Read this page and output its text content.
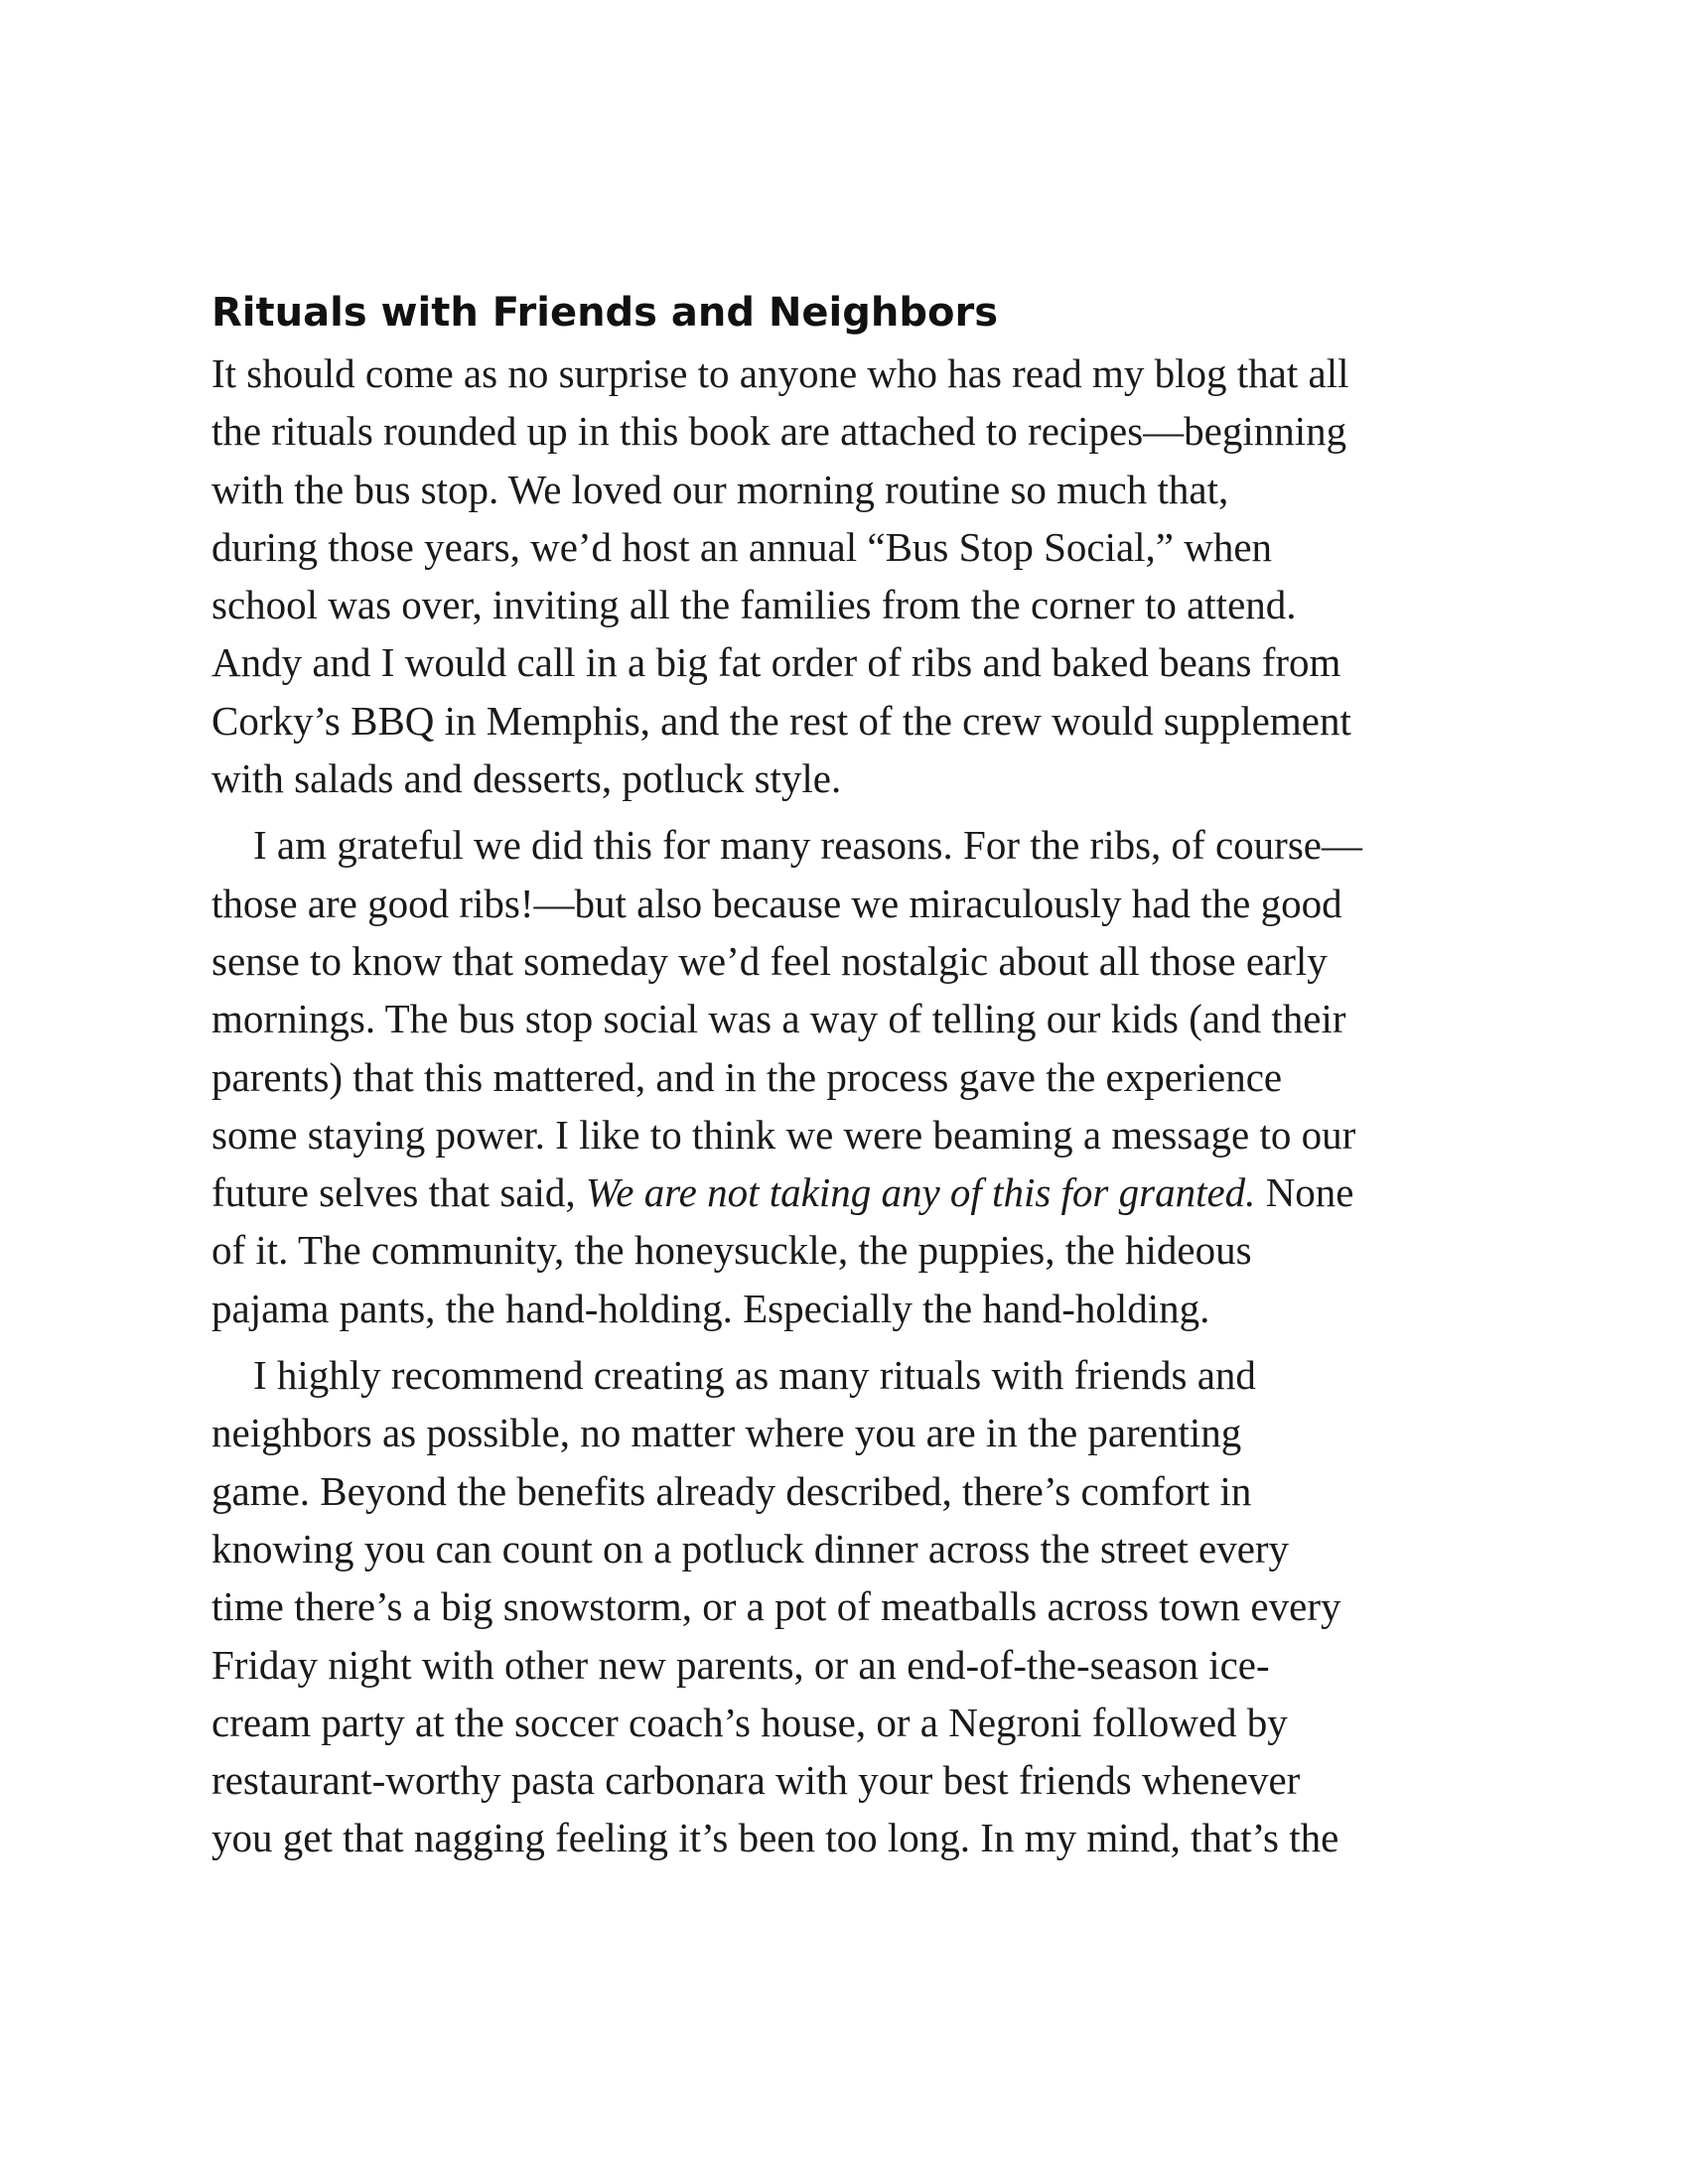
Rituals with Friends and Neighbors

It should come as no surprise to anyone who has read my blog that all
the rituals rounded up in this book are attached to recipes—beginning
with the bus stop. We loved our morning routine so much that,
during those years, we’d host an annual “Bus Stop Social,” when
school was over, inviting all the families from the corner to attend.
Andy and I would call in a big fat order of ribs and baked beans from
Corky’s BBQ in Memphis, and the rest of the crew would supplement
with salads and desserts, potluck style.

I am grateful we did this for many reasons. For the ribs, of course—
those are good ribs!—but also because we miraculously had the good
sense to know that someday we’d feel nostalgic about all those early
mornings. The bus stop social was a way of telling our kids (and their
parents) that this mattered, and in the process gave the experience
some staying power. I like to think we were beaming a message to our
future selves that said, We are not taking any of this for granted. None
of it. The community, the honeysuckle, the puppies, the hideous
pajama pants, the hand-holding. Especially the hand-holding.

I highly recommend creating as many rituals with friends and
neighbors as possible, no matter where you are in the parenting
game. Beyond the benefits already described, there’s comfort in
knowing you can count on a potluck dinner across the street every
time there’s a big snowstorm, or a pot of meatballs across town every
Friday night with other new parents, or an end-of-the-season ice-
cream party at the soccer coach’s house, or a Negroni followed by
restaurant-worthy pasta carbonara with your best friends whenever
you get that nagging feeling it’s been too long. In my mind, that’s the
